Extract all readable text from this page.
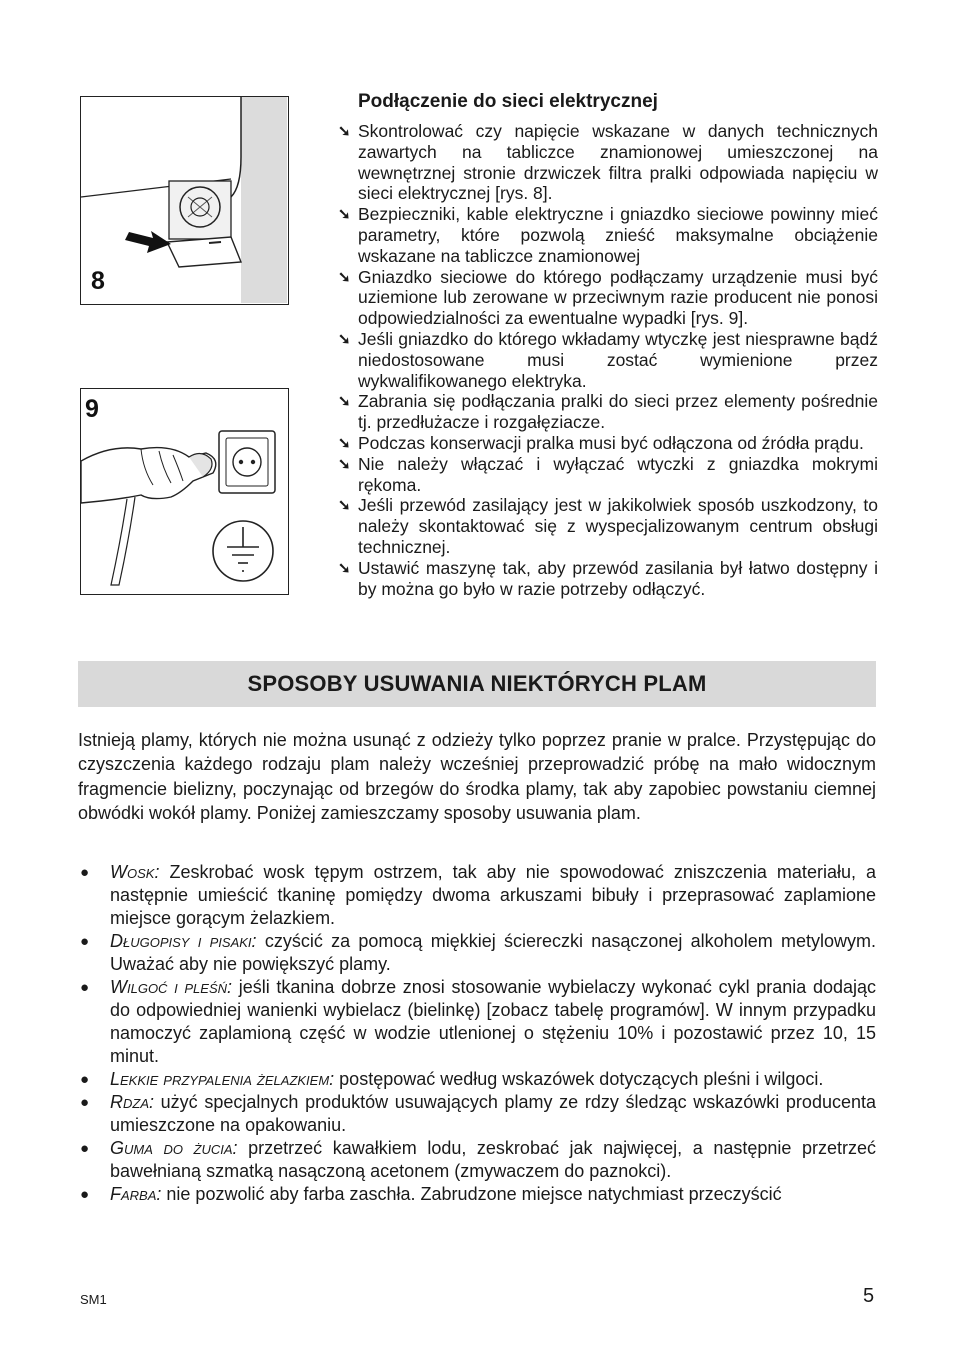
8
9
Podłączenie do sieci elektrycznej
➘ Skontrolować czy napięcie wskazane w danych technicznych zawartych na tabliczce znamionowej umieszczonej na wewnętrznej stronie drzwiczek filtra pralki odpowiada napięciu w sieci elektrycznej [rys. 8].
➘ Bezpieczniki, kable elektryczne i gniazdko sieciowe powinny mieć parametry, które pozwolą znieść maksymalne obciążenie wskazane na tabliczce znamionowej
➘ Gniazdko sieciowe do którego podłączamy urządzenie musi być uziemione lub zerowane w przeciwnym razie producent nie ponosi odpowiedzialności za ewentualne wypadki [rys. 9].
➘ Jeśli gniazdko do którego wkładamy wtyczkę jest niesprawne bądź niedostosowane musi zostać wymienione przez wykwalifikowanego elektryka.
➘ Zabrania się podłączania pralki do sieci przez elementy pośrednie tj. przedłużacze i rozgałęziacze.
➘ Podczas konserwacji pralka musi być odłączona od źródła prądu.
➘ Nie należy włączać i wyłączać wtyczki z gniazdka mokrymi rękoma.
➘ Jeśli przewód zasilający jest w jakikolwiek sposób uszkodzony, to należy skontaktować się z wyspecjalizowanym centrum obsługi technicznej.
➘ Ustawić maszynę tak, aby przewód zasilania był łatwo dostępny i by można go było w razie potrzeby odłączyć.
SPOSOBY USUWANIA NIEKTÓRYCH PLAM

Istnieją plamy, których nie można usunąć z odzieży tylko poprzez pranie w pralce. Przystępując do czyszczenia każdego rodzaju plam należy wcześniej przeprowadzić próbę na mało widocznym fragmencie bielizny, poczynając od brzegów do środka plamy, tak aby zapobiec powstaniu ciemnej obwódki wokół plamy. Poniżej zamieszczamy sposoby usuwania plam.

● Wosk: Zeskrobać wosk tępym ostrzem, tak aby nie spowodować zniszczenia materiału, a następnie umieścić tkaninę pomiędzy dwoma arkuszami bibuły i przeprasować zaplamione miejsce gorącym żelazkiem.
● Długopisy i pisaki: czyścić za pomocą miękkiej ściereczki nasączonej alkoholem metylowym. Uważać aby nie powiększyć plamy.
● Wilgoć i pleśń: jeśli tkanina dobrze znosi stosowanie wybielaczy wykonać cykl prania dodając do odpowiedniej wanienki wybielacz (bielinkę) [zobacz tabelę programów]. W innym przypadku namoczyć zaplamioną część w wodzie utlenionej o stężeniu 10% i pozostawić przez 10, 15 minut.
● Lekkie przypalenia żelazkiem: postępować według wskazówek dotyczących pleśni i wilgoci.
● Rdza: użyć specjalnych produktów usuwających plamy ze rdzy śledząc wskazówki producenta umieszczone na opakowaniu.
● Guma do żucia: przetrzeć kawałkiem lodu, zeskrobać jak najwięcej, a następnie przetrzeć bawełnianą szmatką nasączoną acetonem (zmywaczem do paznokci).
● Farba: nie pozwolić aby farba zaschła. Zabrudzone miejsce natychmiast przeczyścić
SM1	5
